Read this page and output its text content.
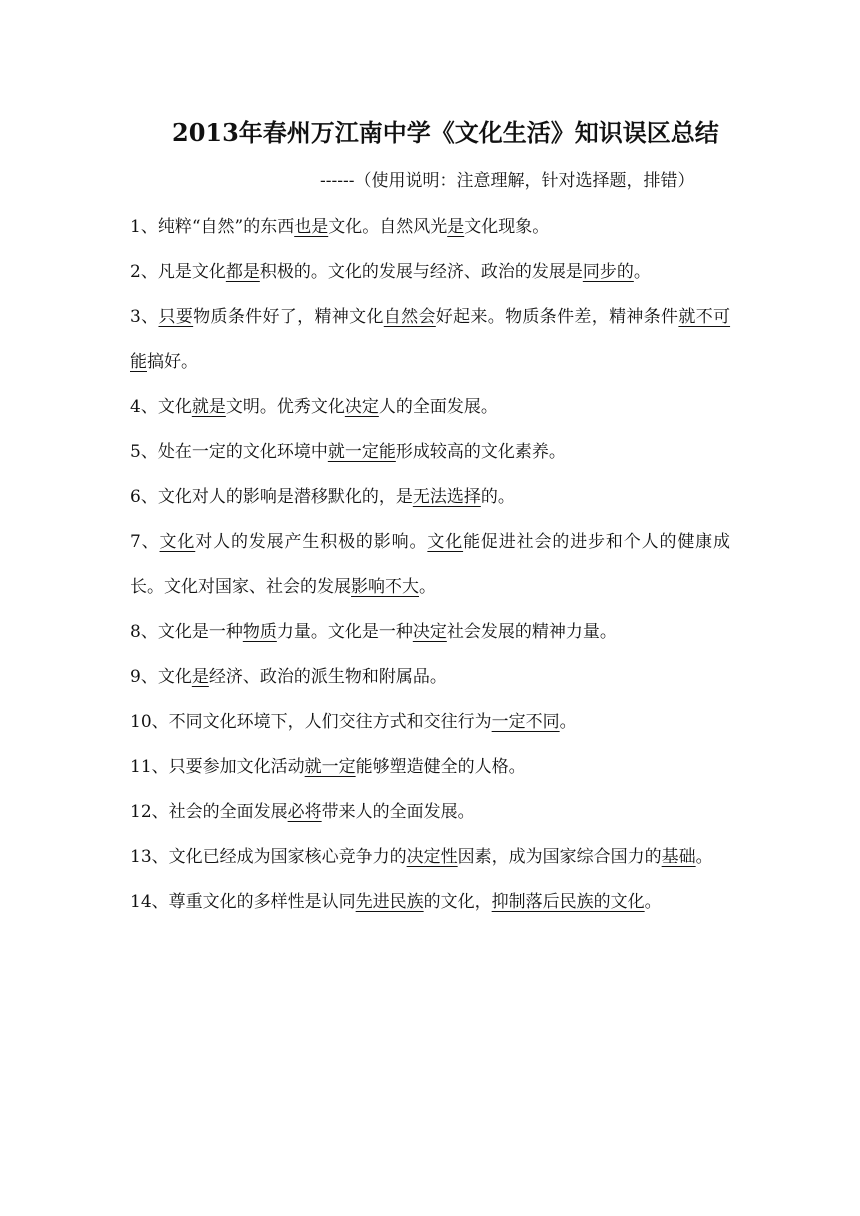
2013年春州万江南中学《文化生活》知识误区总结

------（使用说明：注意理解，针对选择题，排错）

1、纯粹“自然”的东西也是文化。自然风光是文化现象。

2、凡是文化都是积极的。文化的发展与经济、政治的发展是同步的。

3、只要物质条件好了，精神文化自然会好起来。物质条件差，精神条件就不可能搞好。

4、文化就是文明。优秀文化决定人的全面发展。

5、处在一定的文化环境中就一定能形成较高的文化素养。

6、文化对人的影响是潜移默化的，是无法选择的。

7、文化对人的发展产生积极的影响。文化能促进社会的进步和个人的健康成长。文化对国家、社会的发展影响不大。

8、文化是一种物质力量。文化是一种决定社会发展的精神力量。

9、文化是经济、政治的派生物和附属品。

10、不同文化环境下，人们交往方式和交往行为一定不同。

11、只要参加文化活动就一定能够塑造健全的人格。

12、社会的全面发展必将带来人的全面发展。

13、文化已经成为国家核心竞争力的决定性因素，成为国家综合国力的基础。

14、尊重文化的多样性是认同先进民族的文化，抑制落后民族的文化。
